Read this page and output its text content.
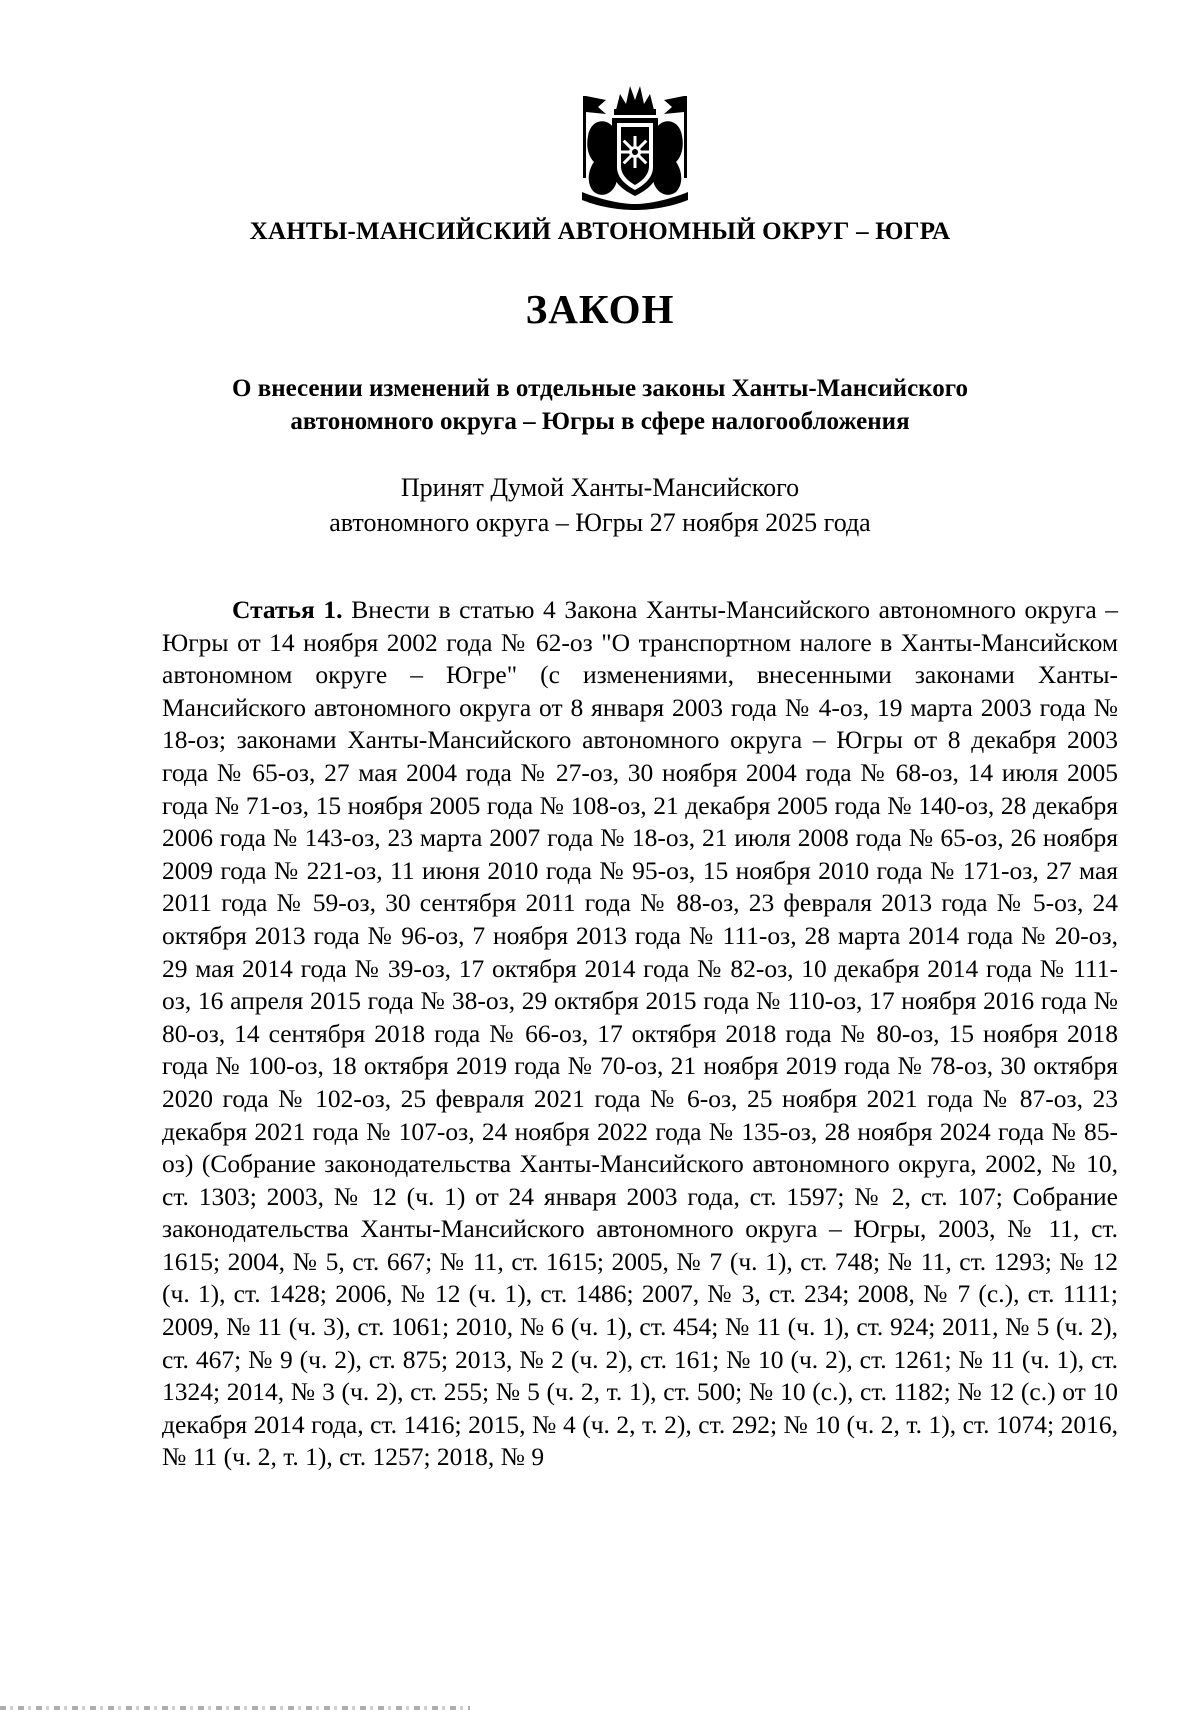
ХАНТЫ-МАНСИЙСКИЙ АВТОНОМНЫЙ ОКРУГ – ЮГРА
ЗАКОН
О внесении изменений в отдельные законы Ханты-Мансийского
автономного округа – Югры в сфере налогообложения
Принят Думой Ханты-Мансийского
автономного округа – Югры 27 ноября 2025 года

Статья 1. Внести в статью 4 Закона Ханты-Мансийского автономного округа – Югры от 14 ноября 2002 года № 62-оз "О транспортном налоге в Ханты-Мансийском автономном округе – Югре" (с изменениями, внесенными законами Ханты-Мансийского автономного округа от 8 января 2003 года № 4-оз, 19 марта 2003 года № 18-оз; законами Ханты-Мансийского автономного округа – Югры от 8 декабря 2003 года № 65-оз, 27 мая 2004 года № 27-оз, 30 ноября 2004 года № 68-оз, 14 июля 2005 года № 71-оз, 15 ноября 2005 года № 108-оз, 21 декабря 2005 года № 140-оз, 28 декабря 2006 года № 143-оз, 23 марта 2007 года № 18-оз, 21 июля 2008 года № 65-оз, 26 ноября 2009 года № 221-оз, 11 июня 2010 года № 95-оз, 15 ноября 2010 года № 171-оз, 27 мая 2011 года № 59-оз, 30 сентября 2011 года № 88-оз, 23 февраля 2013 года № 5-оз, 24 октября 2013 года № 96-оз, 7 ноября 2013 года № 111-оз, 28 марта 2014 года № 20-оз, 29 мая 2014 года № 39-оз, 17 октября 2014 года № 82-оз, 10 декабря 2014 года № 111-оз, 16 апреля 2015 года № 38-оз, 29 октября 2015 года № 110-оз, 17 ноября 2016 года № 80-оз, 14 сентября 2018 года № 66-оз, 17 октября 2018 года № 80-оз, 15 ноября 2018 года № 100-оз, 18 октября 2019 года № 70-оз, 21 ноября 2019 года № 78-оз, 30 октября 2020 года № 102-оз, 25 февраля 2021 года № 6-оз, 25 ноября 2021 года № 87-оз, 23 декабря 2021 года № 107-оз, 24 ноября 2022 года № 135-оз, 28 ноября 2024 года № 85-оз) (Собрание законодательства Ханты-Мансийского автономного округа, 2002, № 10, ст. 1303; 2003, № 12 (ч. 1) от 24 января 2003 года, ст. 1597; № 2, ст. 107; Собрание законодательства Ханты-Мансийского автономного округа – Югры, 2003, № 11, ст. 1615; 2004, № 5, ст. 667; № 11, ст. 1615; 2005, № 7 (ч. 1), ст. 748; № 11, ст. 1293; № 12 (ч. 1), ст. 1428; 2006, № 12 (ч. 1), ст. 1486; 2007, № 3, ст. 234; 2008, № 7 (с.), ст. 1111; 2009, № 11 (ч. 3), ст. 1061; 2010, № 6 (ч. 1), ст. 454; № 11 (ч. 1), ст. 924; 2011, № 5 (ч. 2), ст. 467; № 9 (ч. 2), ст. 875; 2013, № 2 (ч. 2), ст. 161; № 10 (ч. 2), ст. 1261; № 11 (ч. 1), ст. 1324; 2014, № 3 (ч. 2), ст. 255; № 5 (ч. 2, т. 1), ст. 500; № 10 (с.), ст. 1182; № 12 (с.) от 10 декабря 2014 года, ст. 1416; 2015, № 4 (ч. 2, т. 2), ст. 292; № 10 (ч. 2, т. 1), ст. 1074; 2016, № 11 (ч. 2, т. 1), ст. 1257; 2018, № 9
